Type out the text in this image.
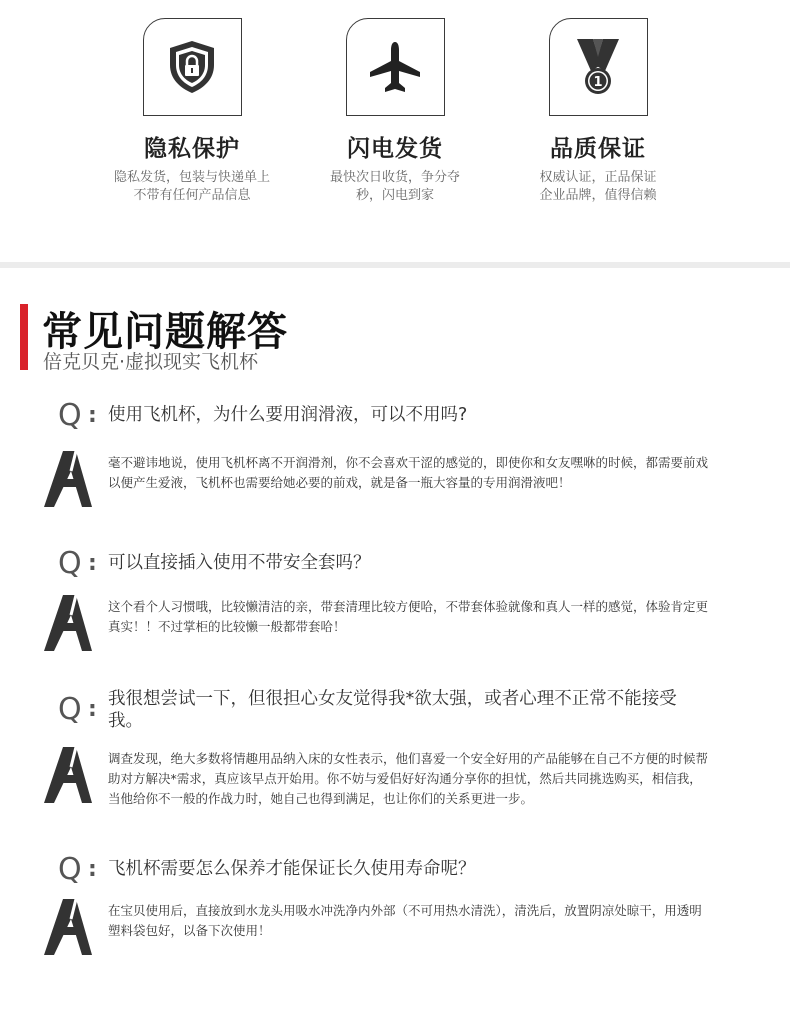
隐私保护
隐私发货，包装与快递单上
不带有任何产品信息
闪电发货
最快次日收货，争分夺
秒，闪电到家
1
品质保证
权威认证，正品保证
企业品牌，值得信赖
常见问题解答
倍克贝克·虚拟现实飞机杯
Q : 使用飞机杯，为什么要用润滑液，可以不用吗?
毫不避讳地说，使用飞机杯离不开润滑剂，你不会喜欢干涩的感觉的，即使你和女友嘿咻的时候，都需要前戏以便产生爱液，飞机杯也需要给她必要的前戏，就是备一瓶大容量的专用润滑液吧！
Q : 可以直接插入使用不带安全套吗？
这个看个人习惯哦，比较懒清洁的亲，带套清理比较方便哈，不带套体验就像和真人一样的感觉，体验肯定更真实！！不过掌柜的比较懒一般都带套哈！
Q : 我很想尝试一下，但很担心女友觉得我*欲太强，或者心理不正常不能接受我。
调查发现，绝大多数将情趣用品纳入床的女性表示，他们喜爱一个安全好用的产品能够在自己不方便的时候帮助对方解决*需求，真应该早点开始用。你不妨与爱侣好好沟通分享你的担忧，然后共同挑选购买，相信我，当他给你不一般的作战力时，她自己也得到满足，也让你们的关系更进一步。
Q : 飞机杯需要怎么保养才能保证长久使用寿命呢？
在宝贝使用后，直接放到水龙头用吸水冲洗净内外部（不可用热水清洗），清洗后，放置阴凉处晾干，用透明塑料袋包好，以备下次使用！
